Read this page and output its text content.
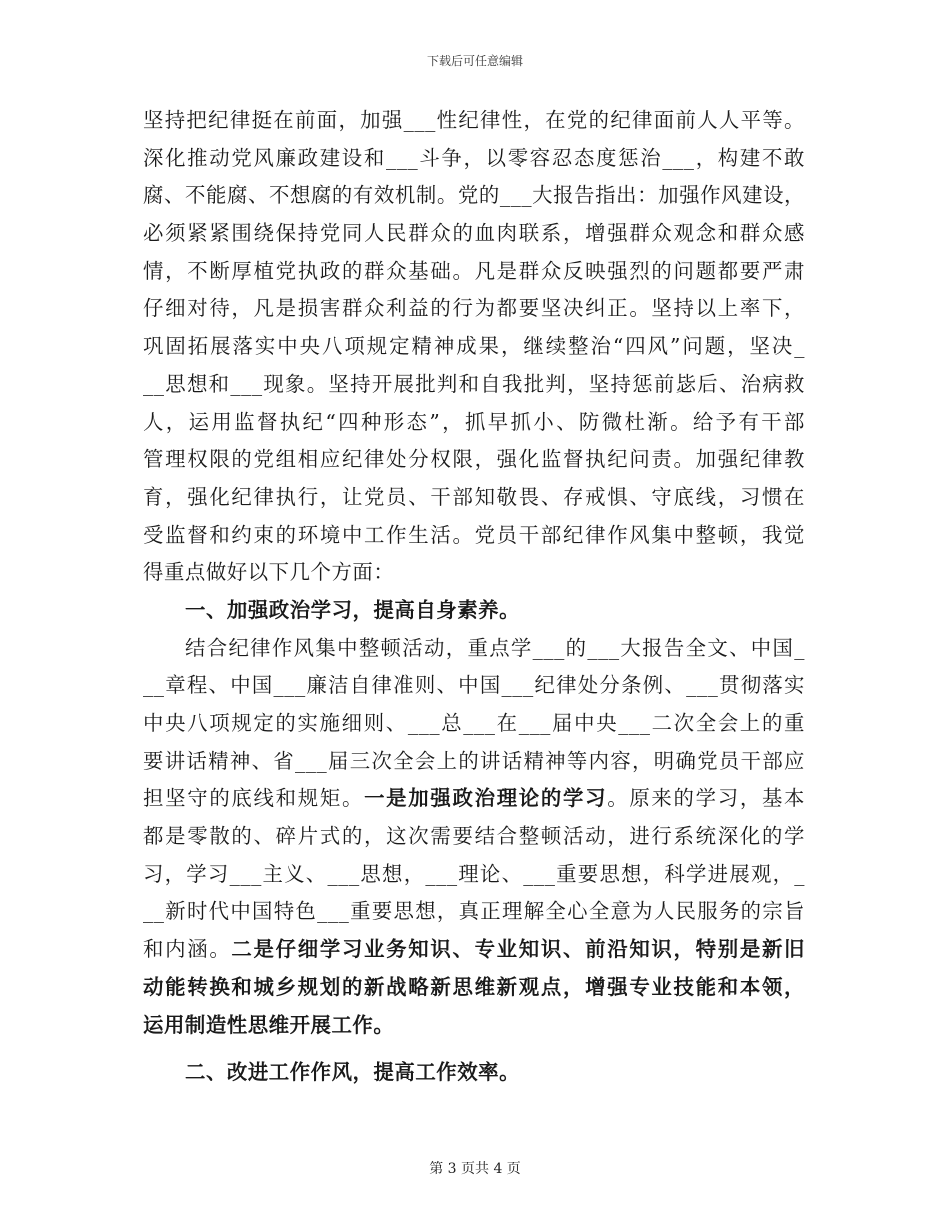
下载后可任意编辑
坚持把纪律挺在前面，加强___性纪律性，在党的纪律面前人人平等。
深化推动党风廉政建设和___斗争，以零容忍态度惩治___，构建不敢
腐、不能腐、不想腐的有效机制。党的___大报告指出：加强作风建设，
必须紧紧围绕保持党同人民群众的血肉联系，增强群众观念和群众感
情，不断厚植党执政的群众基础。凡是群众反映强烈的问题都要严肃
仔细对待，凡是损害群众利益的行为都要坚决纠正。坚持以上率下，
巩固拓展落实中央八项规定精神成果，继续整治“四风”问题，坚决_
__思想和___现象。坚持开展批判和自我批判，坚持惩前毖后、治病救
人，运用监督执纪“四种形态”，抓早抓小、防微杜渐。给予有干部
管理权限的党组相应纪律处分权限，强化监督执纪问责。加强纪律教
育，强化纪律执行，让党员、干部知敬畏、存戒惧、守底线，习惯在
受监督和约束的环境中工作生活。党员干部纪律作风集中整顿，我觉
得重点做好以下几个方面：
一、加强政治学习，提高自身素养。
结合纪律作风集中整顿活动，重点学___的___大报告全文、中国_
__章程、中国___廉洁自律准则、中国___纪律处分条例、___贯彻落实
中央八项规定的实施细则、___总___在___届中央___二次全会上的重
要讲话精神、省___届三次全会上的讲话精神等内容，明确党员干部应
担坚守的底线和规矩。一是加强政治理论的学习。原来的学习，基本
都是零散的、碎片式的，这次需要结合整顿活动，进行系统深化的学
习，学习___主义、___思想，___理论、___重要思想，科学进展观，_
__新时代中国特色___重要思想，真正理解全心全意为人民服务的宗旨
和内涵。二是仔细学习业务知识、专业知识、前沿知识，特别是新旧
动能转换和城乡规划的新战略新思维新观点，增强专业技能和本领，
运用制造性思维开展工作。
二、改进工作作风，提高工作效率。
第 3 页共 4 页
